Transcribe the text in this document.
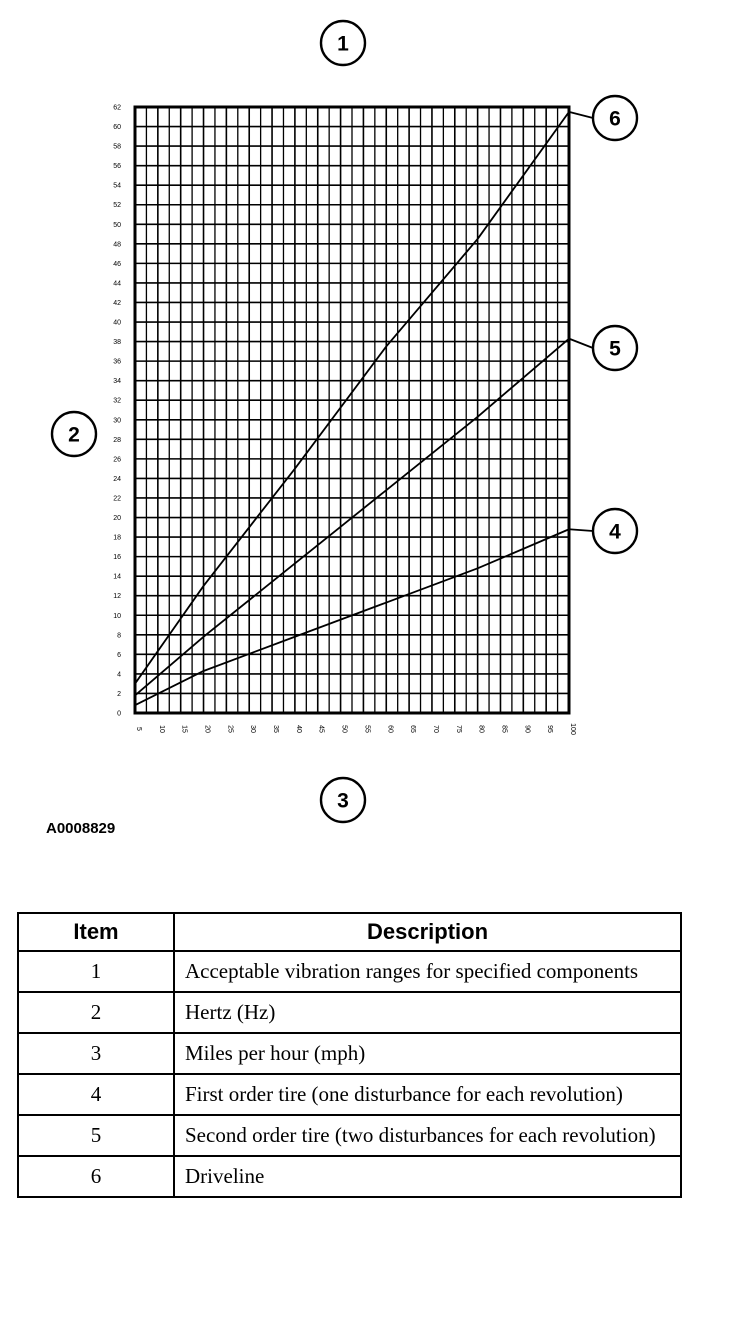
5 10 15 20 25 30 35 40 45 50 55 60 65 70 75 80 85 90 95 100
0
2
4
6
8
10
12
14
16
18
20
22
24
26
28
30
32
34
36
38
40
42
44
46
48
50
52
54
56
58
60
62
1
2
3
4
5
6
A0008829
Item	Description
1	Acceptable vibration ranges for specified components
2	Hertz (Hz)
3	Miles per hour (mph)
4	First order tire (one disturbance for each revolution)
5	Second order tire (two disturbances for each revolution)
6	Driveline
